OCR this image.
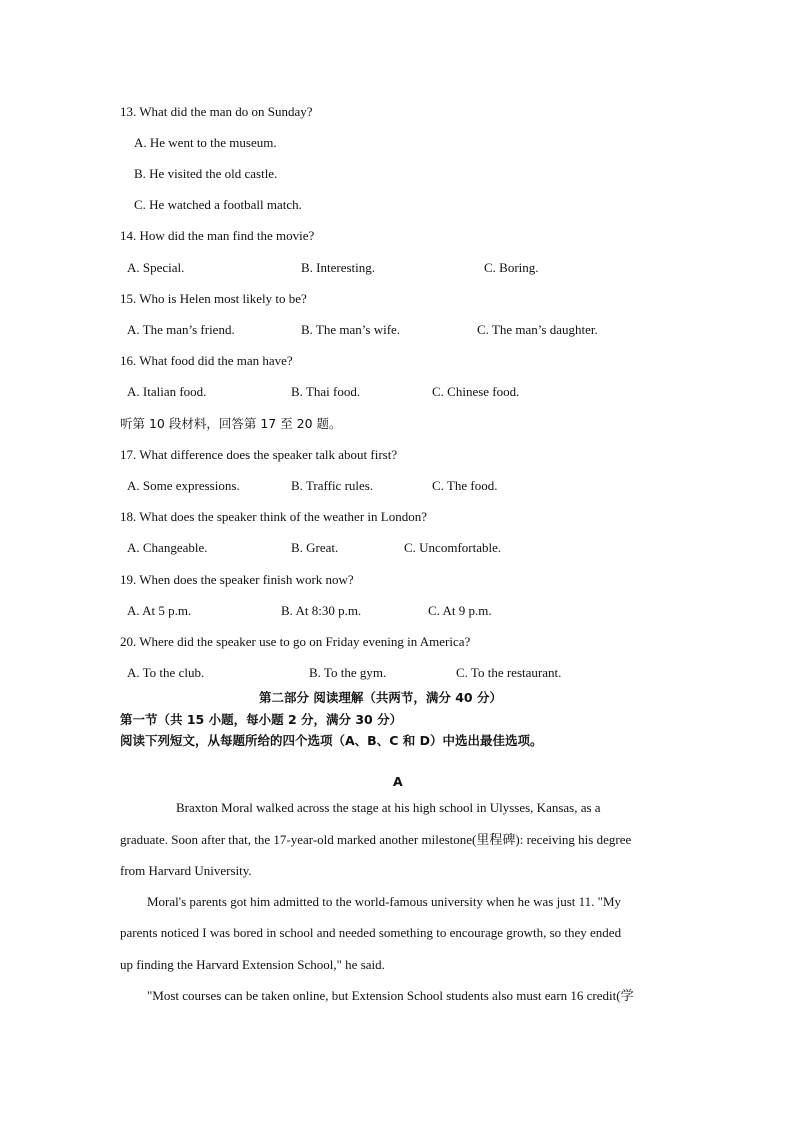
13. What did the man do on Sunday?
A. He went to the museum.
B. He visited the old castle.
C. He watched a football match.
14. How did the man find the movie?
A. Special.	B. Interesting.	C. Boring.
15. Who is Helen most likely to be?
A. The man’s friend.	B. The man’s wife.	C. The man’s daughter.
16. What food did the man have?
A. Italian food.	B. Thai food.	C. Chinese food.
听第 10 段材料，回答第 17 至 20 题。
17. What difference does the speaker talk about first?
A. Some expressions.	B. Traffic rules.	C. The food.
18. What does the speaker think of the weather in London?
A. Changeable.	B. Great.	C. Uncomfortable.
19. When does the speaker finish work now?
A. At 5 p.m.	B. At 8:30 p.m.	C. At 9 p.m.
20. Where did the speaker use to go on Friday evening in America?
A. To the club.	B. To the gym.	C. To the restaurant.
第二部分 阅读理解（共两节，满分 40 分）
第一节（共 15 小题，每小题 2 分，满分 30 分）
阅读下列短文，从每题所给的四个选项（A、B、C 和 D）中选出最佳选项。
A
Braxton Moral walked across the stage at his high school in Ulysses, Kansas, as a
graduate. Soon after that, the 17-year-old marked another milestone(里程碑): receiving his degree
from Harvard University.
Moral's parents got him admitted to the world-famous university when he was just 11. "My
parents noticed I was bored in school and needed something to encourage growth, so they ended
up finding the Harvard Extension School," he said.
"Most courses can be taken online, but Extension School students also must earn 16 credit(学
